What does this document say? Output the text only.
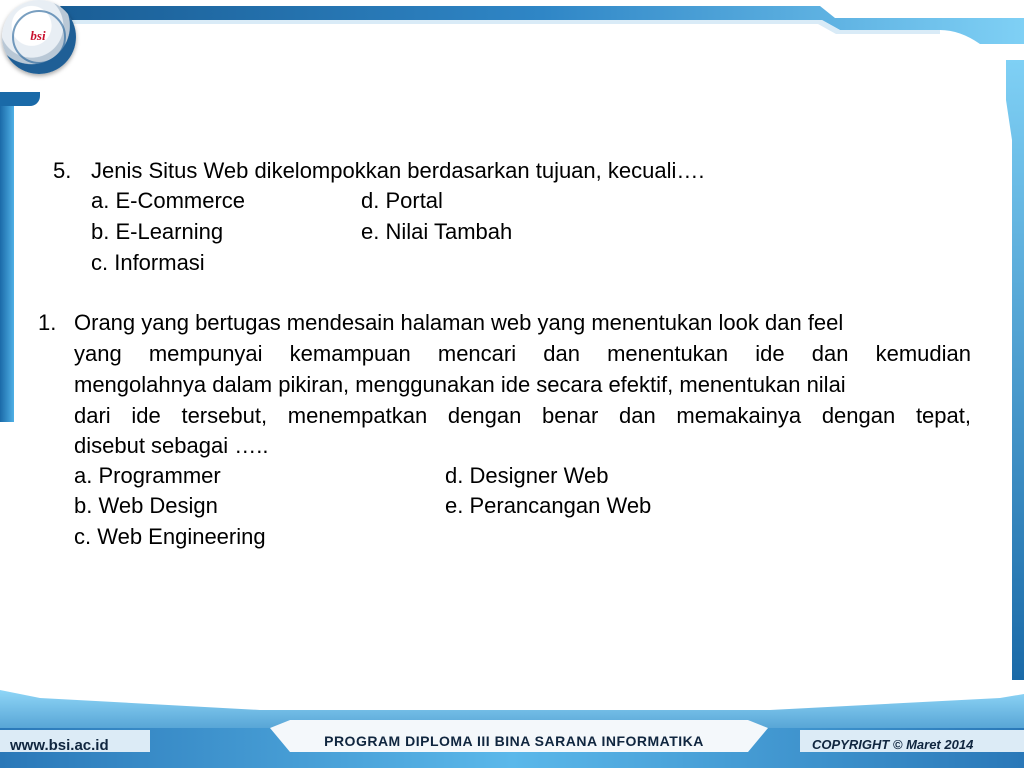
bsi
5. Jenis Situs Web dikelompokkan berdasarkan tujuan, kecuali….
a. E-Commerce	d. Portal
b. E-Learning	e. Nilai Tambah
c. Informasi
1. Orang yang bertugas mendesain halaman web yang menentukan look dan feel
yang mempunyai kemampuan mencari dan menentukan ide dan kemudian
mengolahnya dalam pikiran, menggunakan ide secara efektif, menentukan nilai
dari ide tersebut, menempatkan dengan benar dan memakainya dengan tepat,
disebut sebagai …..
a. Programmer	d. Designer Web
b. Web Design	e. Perancangan Web
c. Web Engineering
www.bsi.ac.id	PROGRAM DIPLOMA III BINA SARANA INFORMATIKA	COPYRIGHT © Maret 2014
